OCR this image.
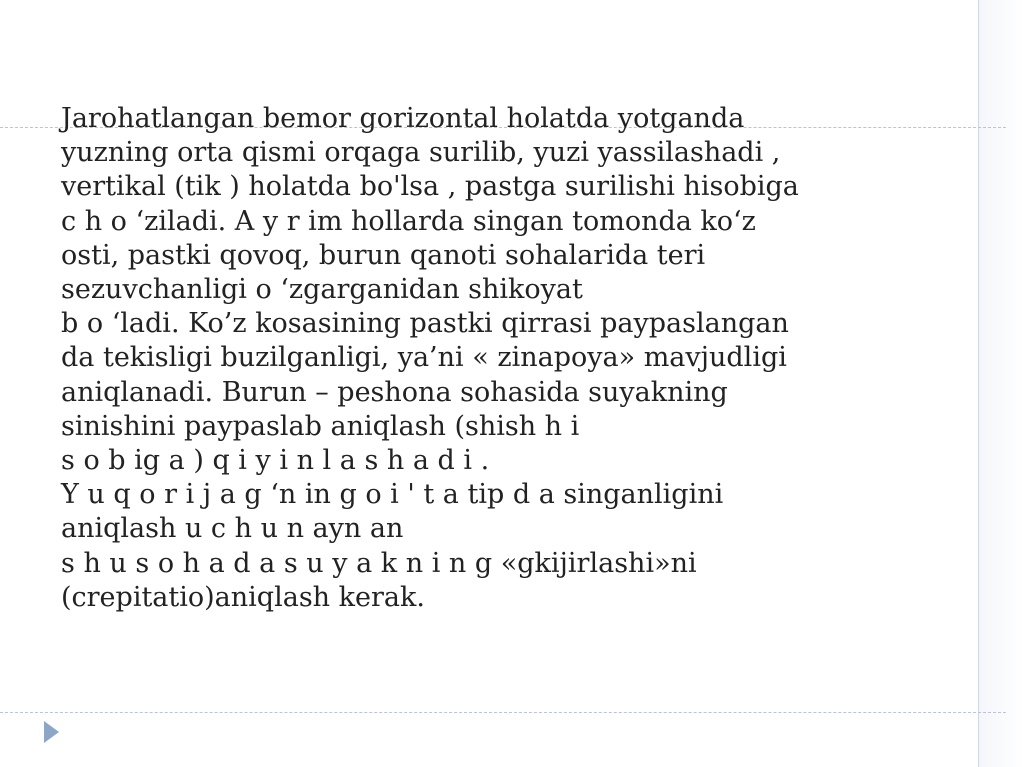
Jarohatlangan bemor gorizontal holatda yotganda
yuzning orta qismi orqaga surilib, yuzi yassilashadi ,
vertikal (tik ) holatda bo'lsa , pastga surilishi hisobiga
c h o ‘ziladi. A y r im hollarda singan tomonda ko‘z
osti, pastki qovoq, burun qanoti sohalarida teri
sezuvchanligi o ‘zgarganidan shikoyat
b o ‘ladi. Ko’z kosasining pastki qirrasi paypaslangan
da tekisligi buzilganligi, ya’ni « zinapoya» mavjudligi
aniqlanadi. Burun – peshona sohasida suyakning
sinishini paypaslab aniqlash (shish h i
s o b ig a ) q i y i n l a s h a d i .
Y u q o r i j a g ‘n in g o i ' t a tip d a singanligini
aniqlash u c h u n ayn an
s h u s o h a d a s u y a k n i n g «gkijirlashi»ni
(crepitatio)aniqlash kerak.
